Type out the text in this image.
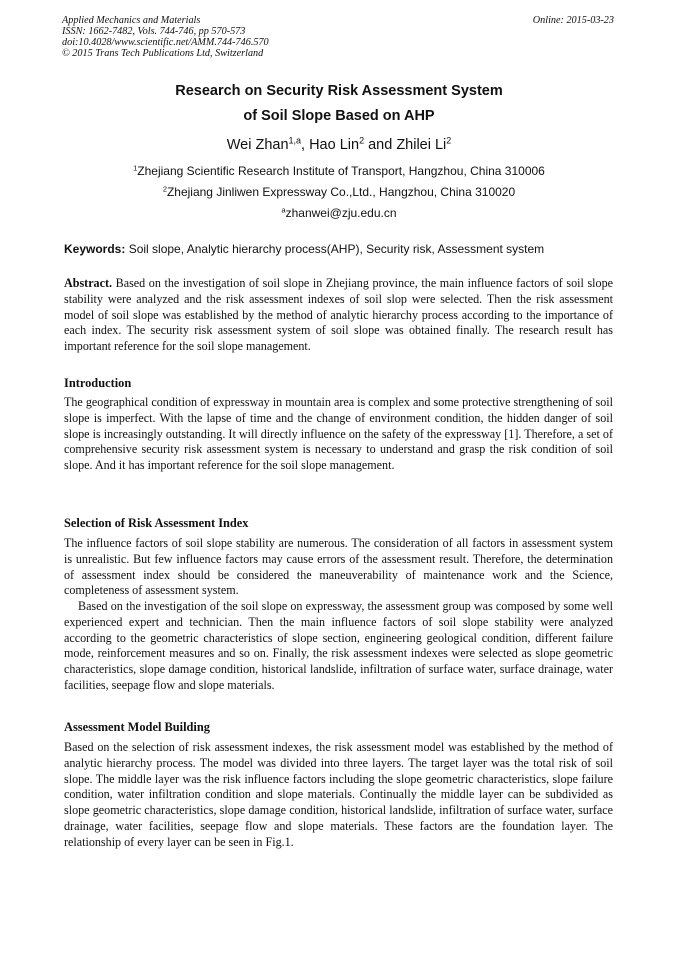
Applied Mechanics and Materials
ISSN: 1662-7482, Vols. 744-746, pp 570-573
doi:10.4028/www.scientific.net/AMM.744-746.570
© 2015 Trans Tech Publications Ltd, Switzerland
Online: 2015-03-23
Research on Security Risk Assessment System
of Soil Slope Based on AHP
Wei Zhan$^{1,a}$, Hao Lin$^2$ and Zhilei Li$^2$
$^1$Zhejiang Scientific Research Institute of Transport, Hangzhou, China 310006
$^2$Zhejiang Jinliwen Expressway Co.,Ltd., Hangzhou, China 310020
$^a$zhanwei@zju.edu.cn
Keywords: Soil slope, Analytic hierarchy process(AHP), Security risk, Assessment system
Abstract. Based on the investigation of soil slope in Zhejiang province, the main influence factors of soil slope stability were analyzed and the risk assessment indexes of soil slop were selected. Then the risk assessment model of soil slope was established by the method of analytic hierarchy process according to the importance of each index. The security risk assessment system of soil slope was obtained finally. The research result has important reference for the soil slope management.
Introduction
The geographical condition of expressway in mountain area is complex and some protective strengthening of soil slope is imperfect. With the lapse of time and the change of environment condition, the hidden danger of soil slope is increasingly outstanding. It will directly influence on the safety of the expressway [1]. Therefore, a set of comprehensive security risk assessment system is necessary to understand and grasp the risk condition of soil slope. And it has important reference for the soil slope management.
Selection of Risk Assessment Index
The influence factors of soil slope stability are numerous. The consideration of all factors in assessment system is unrealistic. But few influence factors may cause errors of the assessment result. Therefore, the determination of assessment index should be considered the maneuverability of maintenance work and the Science, completeness of assessment system.
Based on the investigation of the soil slope on expressway, the assessment group was composed by some well experienced expert and technician. Then the main influence factors of soil slope stability were analyzed according to the geometric characteristics of slope section, engineering geological condition, different failure mode, reinforcement measures and so on. Finally, the risk assessment indexes were selected as slope geometric characteristics, slope damage condition, historical landslide, infiltration of surface water, surface drainage, water facilities, seepage flow and slope materials.
Assessment Model Building
Based on the selection of risk assessment indexes, the risk assessment model was established by the method of analytic hierarchy process. The model was divided into three layers. The target layer was the total risk of soil slope. The middle layer was the risk influence factors including the slope geometric characteristics, slope failure condition, water infiltration condition and slope materials. Continually the middle layer can be subdivided as slope geometric characteristics, slope damage condition, historical landslide, infiltration of surface water, surface drainage, water facilities, seepage flow and slope materials. These factors are the foundation layer. The relationship of every layer can be seen in Fig.1.
